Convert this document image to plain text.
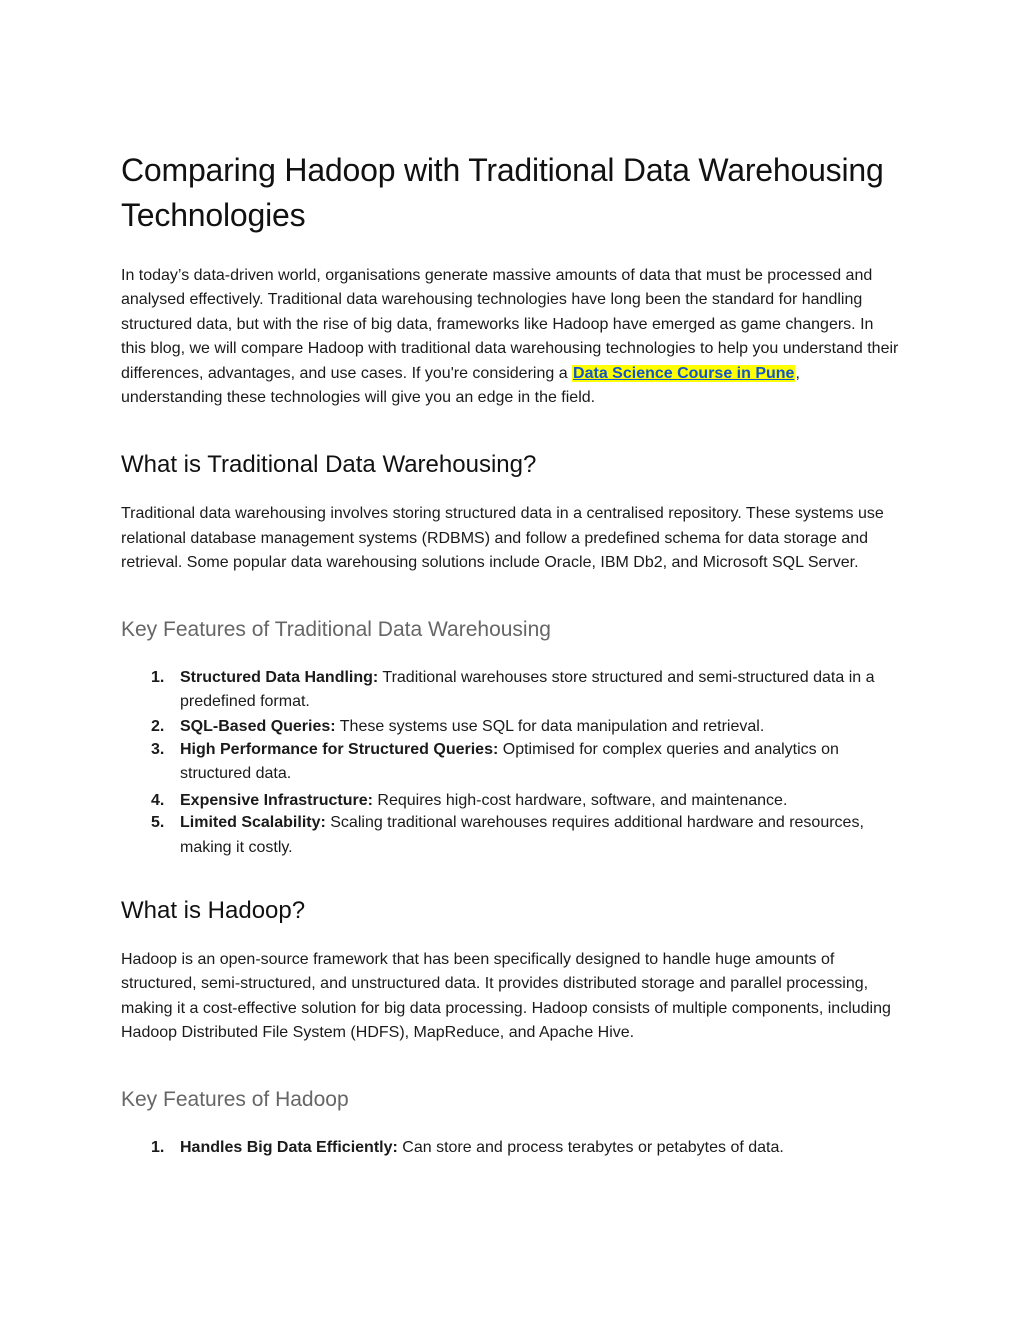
Comparing Hadoop with Traditional Data Warehousing Technologies

In today’s data-driven world, organisations generate massive amounts of data that must be processed and analysed effectively. Traditional data warehousing technologies have long been the standard for handling structured data, but with the rise of big data, frameworks like Hadoop have emerged as game changers. In this blog, we will compare Hadoop with traditional data warehousing technologies to help you understand their differences, advantages, and use cases. If you're considering a Data Science Course in Pune, understanding these technologies will give you an edge in the field.

What is Traditional Data Warehousing?

Traditional data warehousing involves storing structured data in a centralised repository. These systems use relational database management systems (RDBMS) and follow a predefined schema for data storage and retrieval. Some popular data warehousing solutions include Oracle, IBM Db2, and Microsoft SQL Server.

Key Features of Traditional Data Warehousing
1. Structured Data Handling: Traditional warehouses store structured and semi-structured data in a predefined format.
2. SQL-Based Queries: These systems use SQL for data manipulation and retrieval.
3. High Performance for Structured Queries: Optimised for complex queries and analytics on structured data.
4. Expensive Infrastructure: Requires high-cost hardware, software, and maintenance.
5. Limited Scalability: Scaling traditional warehouses requires additional hardware and resources, making it costly.
What is Hadoop?

Hadoop is an open-source framework that has been specifically designed to handle huge amounts of structured, semi-structured, and unstructured data. It provides distributed storage and parallel processing, making it a cost-effective solution for big data processing. Hadoop consists of multiple components, including Hadoop Distributed File System (HDFS), MapReduce, and Apache Hive.

Key Features of Hadoop
1. Handles Big Data Efficiently: Can store and process terabytes or petabytes of data.
